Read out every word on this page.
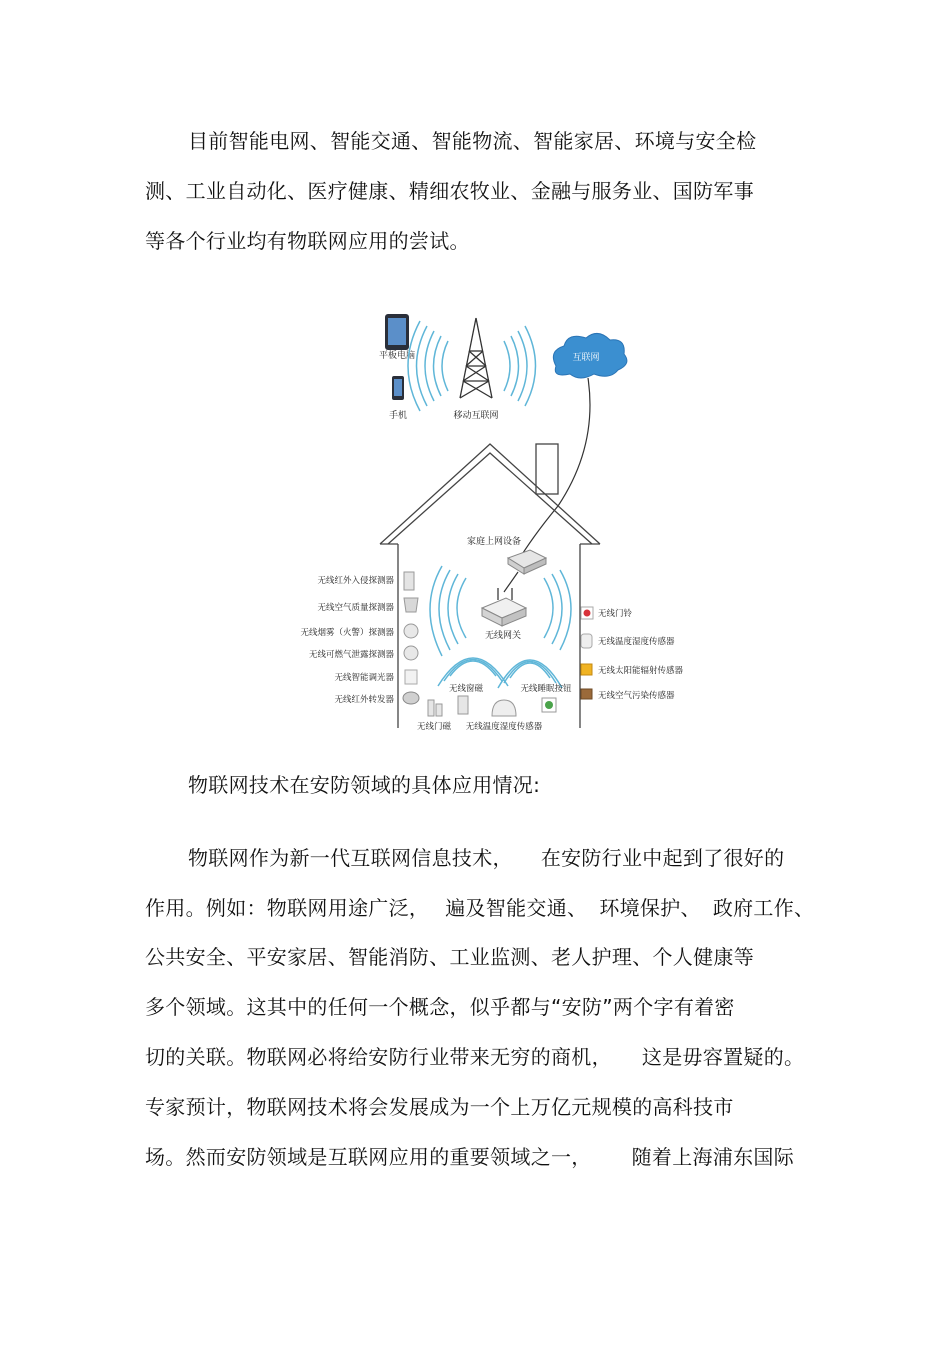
目前智能电网、智能交通、智能物流、智能家居、环境与安全检
测、工业自动化、医疗健康、精细农牧业、金融与服务业、国防军事
等各个行业均有物联网应用的尝试。
平板电脑
手机	移动互联网
互联网
家庭上网设备
无线网关
无线红外入侵探测器
无线空气质量探测器
无线烟雾（火警）探测器
无线可燃气泄露探测器
无线智能调光器
无线红外转发器
无线窗磁	无线睡眠按钮
无线门磁 无线温度湿度传感器
无线门铃
无线温度湿度传感器
无线太阳能辐射传感器
无线空气污染传感器
物联网技术在安防领域的具体应用情况:
物联网作为新一代互联网信息技术， 在安防行业中起到了很好的
作用。例如：物联网用途广泛， 遍及智能交通、 环境保护、 政府工作、
公共安全、平安家居、智能消防、工业监测、老人护理、个人健康等
多个领域。这其中的任何一个概念，似乎都与“安防”两个字有着密
切的关联。物联网必将给安防行业带来无穷的商机， 这是毋容置疑的。
专家预计，物联网技术将会发展成为一个上万亿元规模的高科技市
场。然而安防领域是互联网应用的重要领域之一， 随着上海浦东国际
